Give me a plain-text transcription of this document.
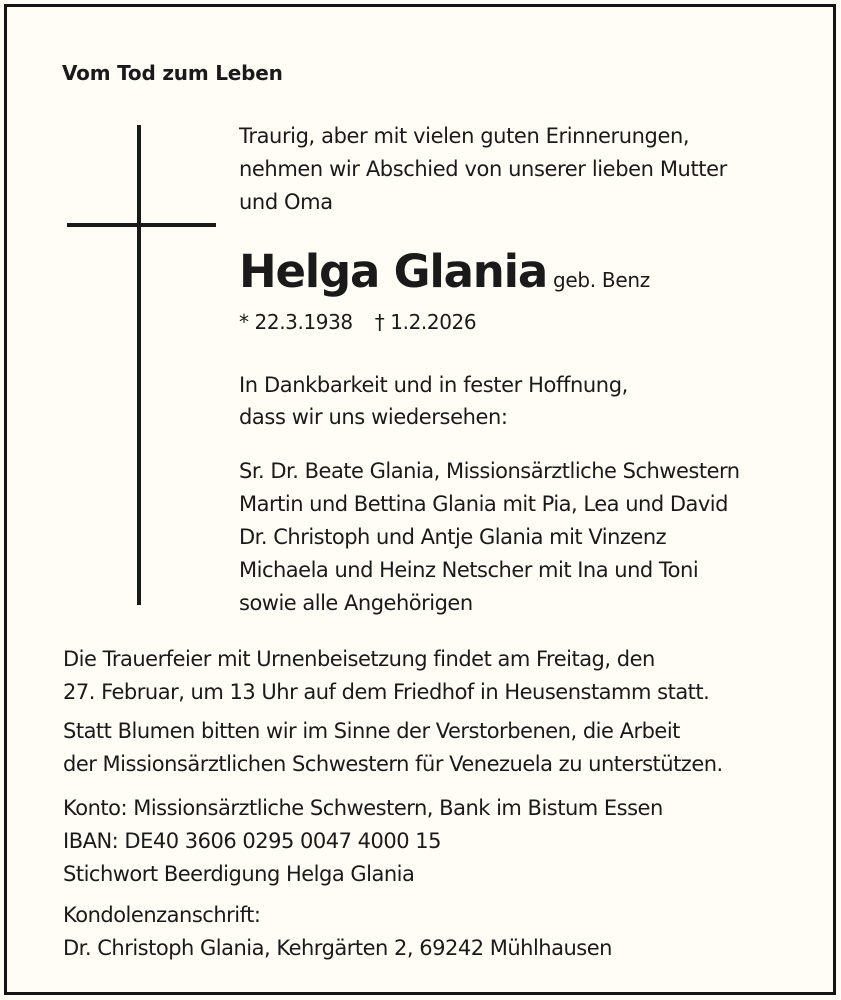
Vom Tod zum Leben
Traurig, aber mit vielen guten Erinnerungen,
nehmen wir Abschied von unserer lieben Mutter
und Oma
Helga Glania geb. Benz
* 22.3.1938 † 1.2.2026
In Dankbarkeit und in fester Hoffnung,
dass wir uns wiedersehen:
Sr. Dr. Beate Glania, Missionsärztliche Schwestern
Martin und Bettina Glania mit Pia, Lea und David
Dr. Christoph und Antje Glania mit Vinzenz
Michaela und Heinz Netscher mit Ina und Toni
sowie alle Angehörigen
Die Trauerfeier mit Urnenbeisetzung findet am Freitag, den
27. Februar, um 13 Uhr auf dem Friedhof in Heusenstamm statt.
Statt Blumen bitten wir im Sinne der Verstorbenen, die Arbeit
der Missionsärztlichen Schwestern für Venezuela zu unterstützen.
Konto: Missionsärztliche Schwestern, Bank im Bistum Essen
IBAN: DE40 3606 0295 0047 4000 15
Stichwort Beerdigung Helga Glania
Kondolenzanschrift:
Dr. Christoph Glania, Kehrgärten 2, 69242 Mühlhausen
